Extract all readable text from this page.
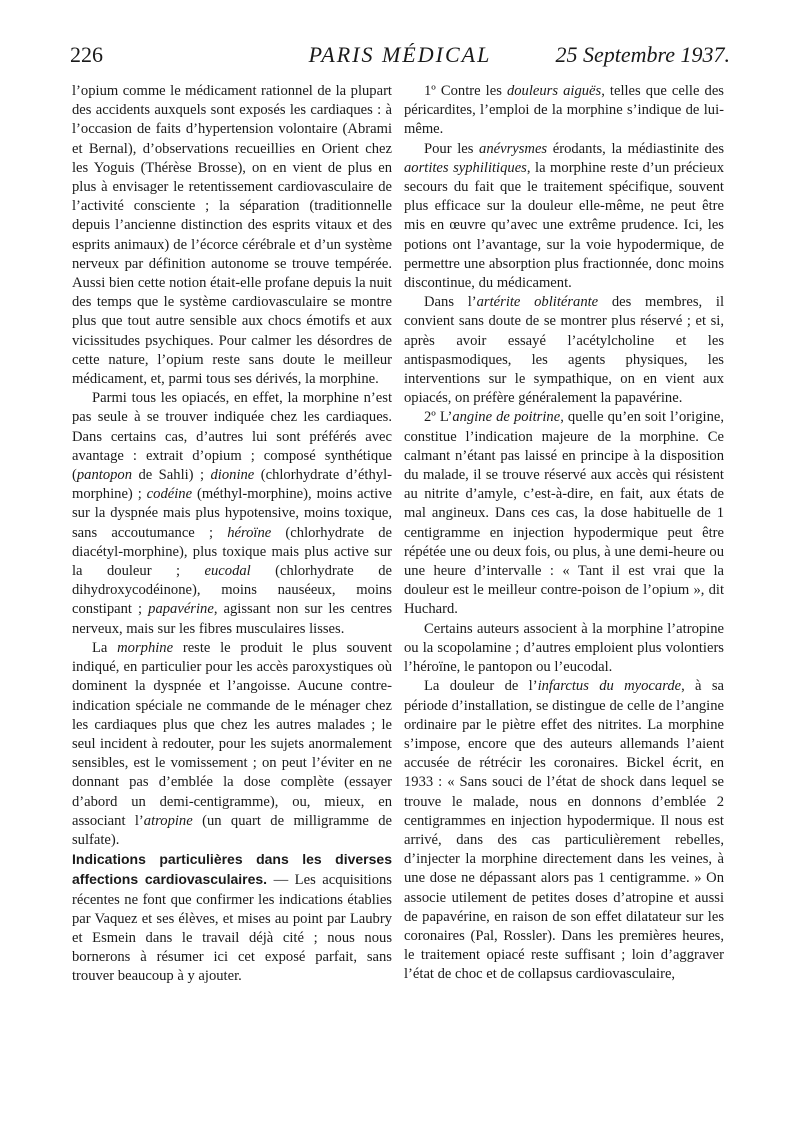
226	PARIS MÉDICAL	25 Septembre 1937.

l’opium comme le médicament rationnel de la plupart des accidents auxquels sont exposés les cardiaques : à l’occasion de faits d’hypertension volontaire (Abrami et Bernal), d’observations recueillies en Orient chez les Yoguis (Thérèse Brosse), on en vient de plus en plus à envisager le retentissement cardiovasculaire de l’activité consciente ; la séparation (traditionnelle depuis l’ancienne distinction des esprits vitaux et des esprits animaux) de l’écorce cérébrale et d’un système nerveux par définition autonome se trouve tempérée. Aussi bien cette notion était-elle profane depuis la nuit des temps que le système cardiovasculaire se montre plus que tout autre sensible aux chocs émotifs et aux vicissitudes psychiques. Pour calmer les désordres de cette nature, l’opium reste sans doute le meilleur médicament, et, parmi tous ses dérivés, la morphine.

Parmi tous les opiacés, en effet, la morphine n’est pas seule à se trouver indiquée chez les cardiaques. Dans certains cas, d’autres lui sont préférés avec avantage : extrait d’opium ; composé synthétique (pantopon de Sahli) ; dionine (chlorhydrate d’éthyl-morphine) ; codéine (méthyl-morphine), moins active sur la dyspnée mais plus hypotensive, moins toxique, sans accoutumance ; héroïne (chlorhydrate de diacétyl-morphine), plus toxique mais plus active sur la douleur ; eucodal (chlorhydrate de dihydroxycodéinone), moins nauséeux, moins constipant ; papavérine, agissant non sur les centres nerveux, mais sur les fibres musculaires lisses.

La morphine reste le produit le plus souvent indiqué, en particulier pour les accès paroxystiques où dominent la dyspnée et l’angoisse. Aucune contre-indication spéciale ne commande de le ménager chez les cardiaques plus que chez les autres malades ; le seul incident à redouter, pour les sujets anormalement sensibles, est le vomissement ; on peut l’éviter en ne donnant pas d’emblée la dose complète (essayer d’abord un demi-centigramme), ou, mieux, en associant l’atropine (un quart de milligramme de sulfate).

Indications particulières dans les diverses affections cardiovasculaires. — Les acquisitions récentes ne font que confirmer les indications établies par Vaquez et ses élèves, et mises au point par Laubry et Esmein dans le travail déjà cité ; nous nous bornerons à résumer ici cet exposé parfait, sans trouver beaucoup à y ajouter.

1º Contre les douleurs aiguës, telles que celle des péricardites, l’emploi de la morphine s’indique de lui-même.

Pour les anévrysmes érodants, la médiastinite des aortites syphilitiques, la morphine reste d’un précieux secours du fait que le traitement spécifique, souvent plus efficace sur la douleur elle-même, ne peut être mis en œuvre qu’avec une extrême prudence. Ici, les potions ont l’avantage, sur la voie hypodermique, de permettre une absorption plus fractionnée, donc moins discontinue, du médicament.

Dans l’artérite oblitérante des membres, il convient sans doute de se montrer plus réservé ; et si, après avoir essayé l’acétylcholine et les antispasmodiques, les agents physiques, les interventions sur le sympathique, on en vient aux opiacés, on préfère généralement la papavérine.

2º L’angine de poitrine, quelle qu’en soit l’origine, constitue l’indication majeure de la morphine. Ce calmant n’étant pas laissé en principe à la disposition du malade, il se trouve réservé aux accès qui résistent au nitrite d’amyle, c’est-à-dire, en fait, aux états de mal angineux. Dans ces cas, la dose habituelle de 1 centigramme en injection hypodermique peut être répétée une ou deux fois, ou plus, à une demi-heure ou une heure d’intervalle : « Tant il est vrai que la douleur est le meilleur contre-poison de l’opium », dit Huchard.

Certains auteurs associent à la morphine l’atropine ou la scopolamine ; d’autres emploient plus volontiers l’héroïne, le pantopon ou l’eucodal.

La douleur de l’infarctus du myocarde, à sa période d’installation, se distingue de celle de l’angine ordinaire par le piètre effet des nitrites. La morphine s’impose, encore que des auteurs allemands l’aient accusée de rétrécir les coronaires. Bickel écrit, en 1933 : « Sans souci de l’état de shock dans lequel se trouve le malade, nous en donnons d’emblée 2 centigrammes en injection hypodermique. Il nous est arrivé, dans des cas particulièrement rebelles, d’injecter la morphine directement dans les veines, à une dose ne dépassant alors pas 1 centigramme. » On associe utilement de petites doses d’atropine et aussi de papavérine, en raison de son effet dilatateur sur les coronaires (Pal, Rossler). Dans les premières heures, le traitement opiacé reste suffisant ; loin d’aggraver l’état de choc et de collapsus cardiovasculaire,
